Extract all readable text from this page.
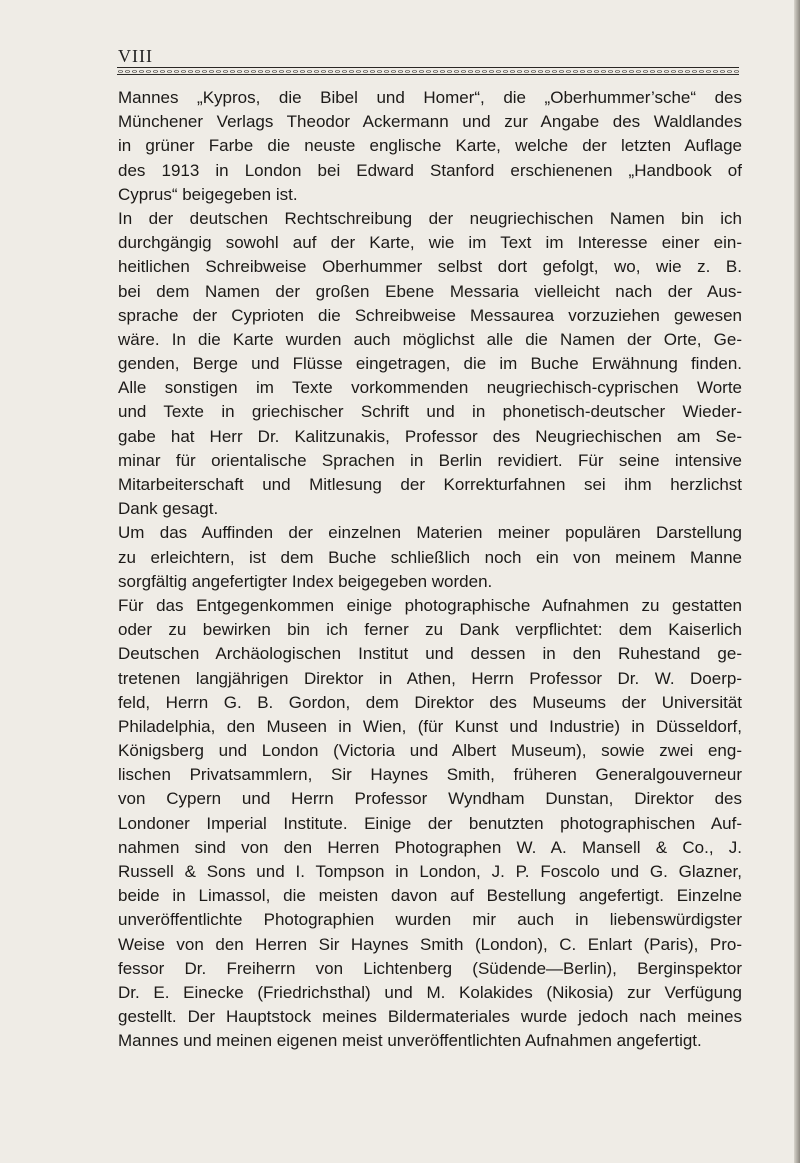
VIII
Mannes „Kypros, die Bibel und Homer“, die „Oberhummer’sche“ des
Münchener Verlags Theodor Ackermann und zur Angabe des Waldlandes
in grüner Farbe die neuste englische Karte, welche der letzten Auflage
des 1913 in London bei Edward Stanford erschienenen „Handbook of
Cyprus“ beigegeben ist.
In der deutschen Rechtschreibung der neugriechischen Namen bin ich
durchgängig sowohl auf der Karte, wie im Text im Interesse einer ein-
heitlichen Schreibweise Oberhummer selbst dort gefolgt, wo, wie z. B.
bei dem Namen der großen Ebene Messaria vielleicht nach der Aus-
sprache der Cyprioten die Schreibweise Messaurea vorzuziehen gewesen
wäre. In die Karte wurden auch möglichst alle die Namen der Orte, Ge-
genden, Berge und Flüsse eingetragen, die im Buche Erwähnung finden.
Alle sonstigen im Texte vorkommenden neugriechisch-cyprischen Worte
und Texte in griechischer Schrift und in phonetisch-deutscher Wieder-
gabe hat Herr Dr. Kalitzunakis, Professor des Neugriechischen am Se-
minar für orientalische Sprachen in Berlin revidiert. Für seine intensive
Mitarbeiterschaft und Mitlesung der Korrekturfahnen sei ihm herzlichst
Dank gesagt.
Um das Auffinden der einzelnen Materien meiner populären Darstellung
zu erleichtern, ist dem Buche schließlich noch ein von meinem Manne
sorgfältig angefertigter Index beigegeben worden.
Für das Entgegenkommen einige photographische Aufnahmen zu gestatten
oder zu bewirken bin ich ferner zu Dank verpflichtet: dem Kaiserlich
Deutschen Archäologischen Institut und dessen in den Ruhestand ge-
tretenen langjährigen Direktor in Athen, Herrn Professor Dr. W. Doerp-
feld, Herrn G. B. Gordon, dem Direktor des Museums der Universität
Philadelphia, den Museen in Wien, (für Kunst und Industrie) in Düsseldorf,
Königsberg und London (Victoria und Albert Museum), sowie zwei eng-
lischen Privatsammlern, Sir Haynes Smith, früheren Generalgouverneur
von Cypern und Herrn Professor Wyndham Dunstan, Direktor des
Londoner Imperial Institute. Einige der benutzten photographischen Auf-
nahmen sind von den Herren Photographen W. A. Mansell & Co., J.
Russell & Sons und I. Tompson in London, J. P. Foscolo und G. Glazner,
beide in Limassol, die meisten davon auf Bestellung angefertigt. Einzelne
unveröffentlichte Photographien wurden mir auch in liebenswürdigster
Weise von den Herren Sir Haynes Smith (London), C. Enlart (Paris), Pro-
fessor Dr. Freiherrn von Lichtenberg (Südende—Berlin), Berginspektor
Dr. E. Einecke (Friedrichsthal) und M. Kolakides (Nikosia) zur Verfügung
gestellt. Der Hauptstock meines Bildermateriales wurde jedoch nach meines
Mannes und meinen eigenen meist unveröffentlichten Aufnahmen angefertigt.
